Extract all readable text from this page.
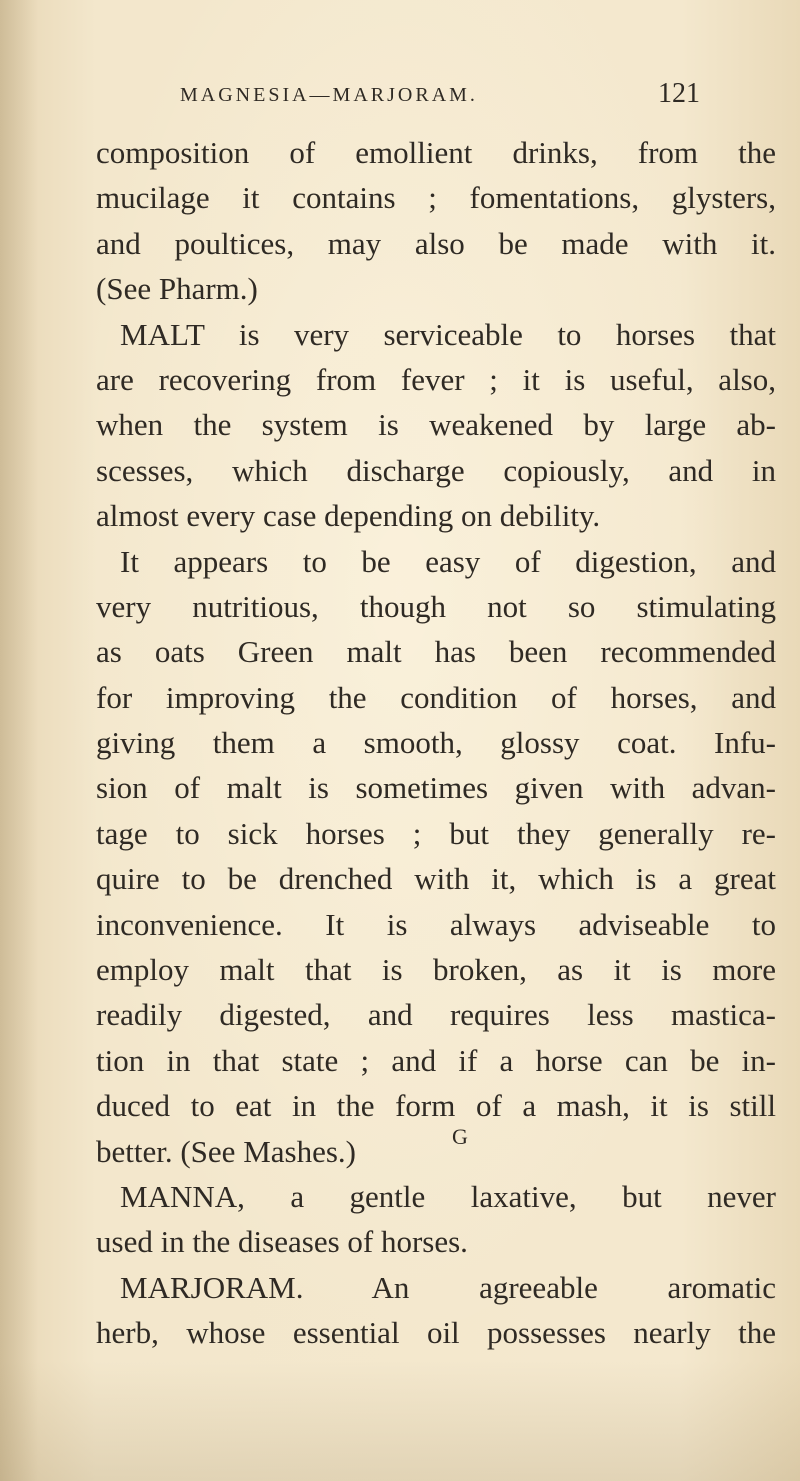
MAGNESIA—MARJORAM.	121
composition of emollient drinks, from the
mucilage it contains ; fomentations, glysters,
and poultices, may also be made with it.
(See Pharm.)
MALT is very serviceable to horses that
are recovering from fever ; it is useful, also,
when the system is weakened by large ab-
scesses, which discharge copiously, and in
almost every case depending on debility.
It appears to be easy of digestion, and
very nutritious, though not so stimulating
as oats Green malt has been recommended
for improving the condition of horses, and
giving them a smooth, glossy coat. Infu-
sion of malt is sometimes given with advan-
tage to sick horses ; but they generally re-
quire to be drenched with it, which is a great
inconvenience. It is always adviseable to
employ malt that is broken, as it is more
readily digested, and requires less mastica-
tion in that state ; and if a horse can be in-
duced to eat in the form of a mash, it is still
better. (See Mashes.)
MANNA, a gentle laxative, but never
used in the diseases of horses.
MARJORAM. An agreeable aromatic
herb, whose essential oil possesses nearly the
G
